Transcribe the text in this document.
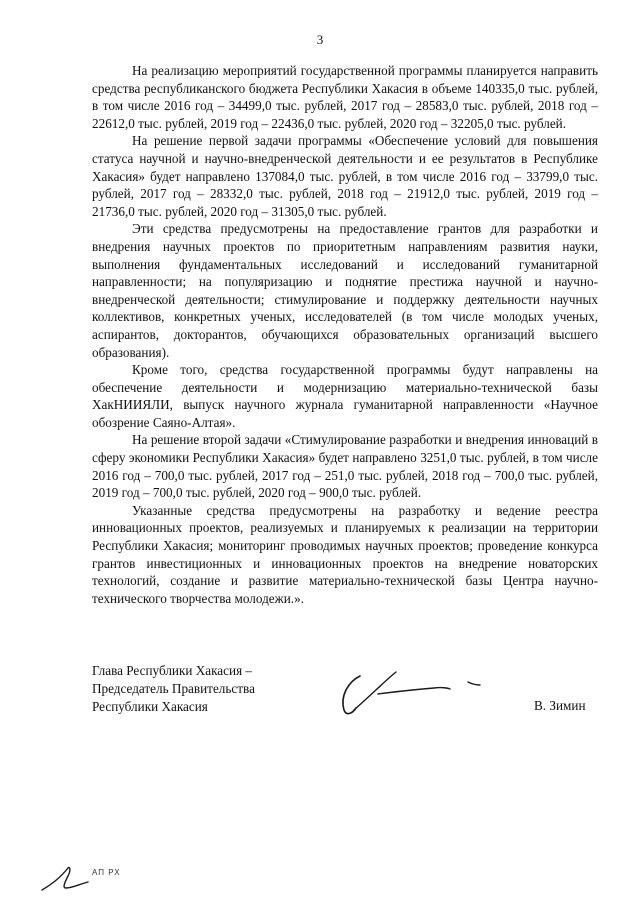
3

На реализацию мероприятий государственной программы планируется направить средства республиканского бюджета Республики Хакасия в объеме 140335,0 тыс. рублей, в том числе 2016 год – 34499,0 тыс. рублей, 2017 год – 28583,0 тыс. рублей, 2018 год – 22612,0 тыс. рублей, 2019 год – 22436,0 тыс. рублей, 2020 год – 32205,0 тыс. рублей.

На решение первой задачи программы «Обеспечение условий для повышения статуса научной и научно-внедренческой деятельности и ее результатов в Республике Хакасия» будет направлено 137084,0 тыс. рублей, в том числе 2016 год – 33799,0 тыс. рублей, 2017 год – 28332,0 тыс. рублей, 2018 год – 21912,0 тыс. рублей, 2019 год – 21736,0 тыс. рублей, 2020 год – 31305,0 тыс. рублей.

Эти средства предусмотрены на предоставление грантов для разработки и внедрения научных проектов по приоритетным направлениям развития науки, выполнения фундаментальных исследований и исследований гуманитарной направленности; на популяризацию и поднятие престижа научной и научно-внедренческой деятельности; стимулирование и поддержку деятельности научных коллективов, конкретных ученых, исследователей (в том числе молодых ученых, аспирантов, докторантов, обучающихся образовательных организаций высшего образования).

Кроме того, средства государственной программы будут направлены на обеспечение деятельности и модернизацию материально-технической базы ХакНИИЯЛИ, выпуск научного журнала гуманитарной направленности «Научное обозрение Саяно-Алтая».

На решение второй задачи «Стимулирование разработки и внедрения инноваций в сферу экономики Республики Хакасия» будет направлено 3251,0 тыс. рублей, в том числе 2016 год – 700,0 тыс. рублей, 2017 год – 251,0 тыс. рублей, 2018 год – 700,0 тыс. рублей, 2019 год – 700,0 тыс. рублей, 2020 год – 900,0 тыс. рублей.

Указанные средства предусмотрены на разработку и ведение реестра инновационных проектов, реализуемых и планируемых к реализации на территории Республики Хакасия; мониторинг проводимых научных проектов; проведение конкурса грантов инвестиционных и инновационных проектов на внедрение новаторских технологий, создание и развитие материально-технической базы Центра научно-технического творчества молодежи.».

Глава Республики Хакасия –
Председатель Правительства
Республики Хакасия	В. Зимин
АП РХ
